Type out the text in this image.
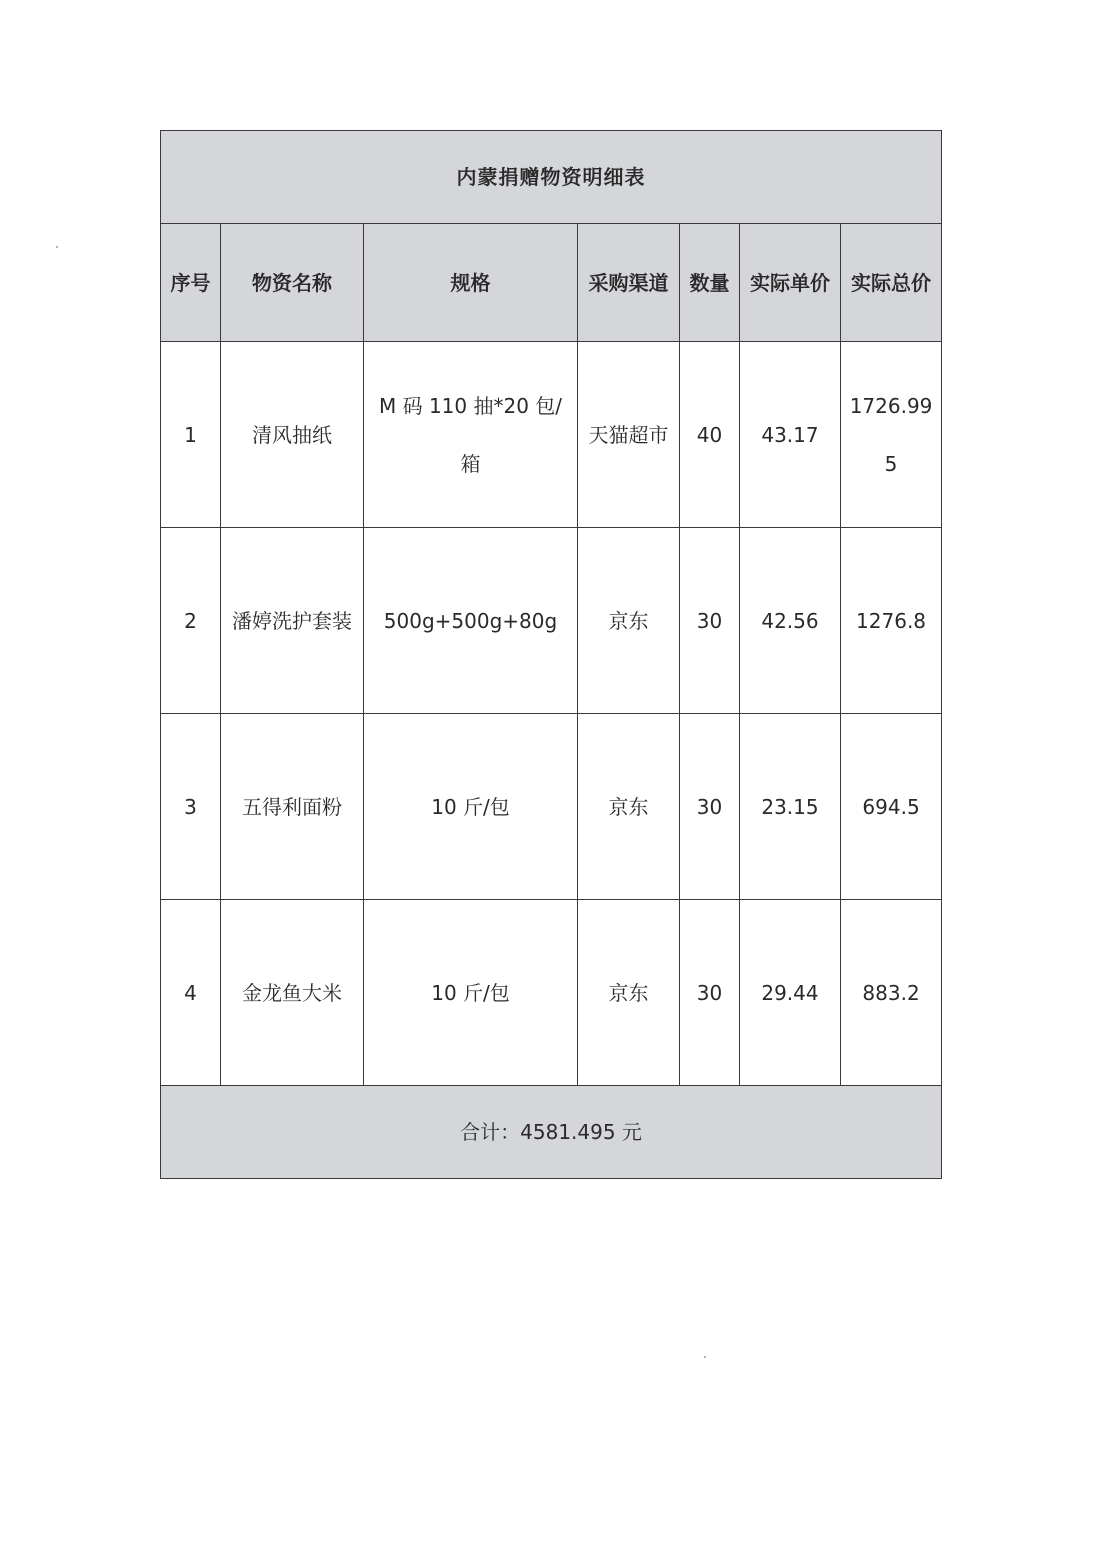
内蒙捐赠物资明细表						
序号	物资名称	规格	采购渠道	数量	实际单价	实际总价
1	清风抽纸	M 码 110 抽*20 包/箱	天猫超市	40	43.17	1726.995
2	潘婷洗护套装	500g+500g+80g	京东	30	42.56	1276.8
3	五得利面粉	10 斤/包	京东	30	23.15	694.5
4	金龙鱼大米	10 斤/包	京东	30	29.44	883.2
合计：4581.495 元						
